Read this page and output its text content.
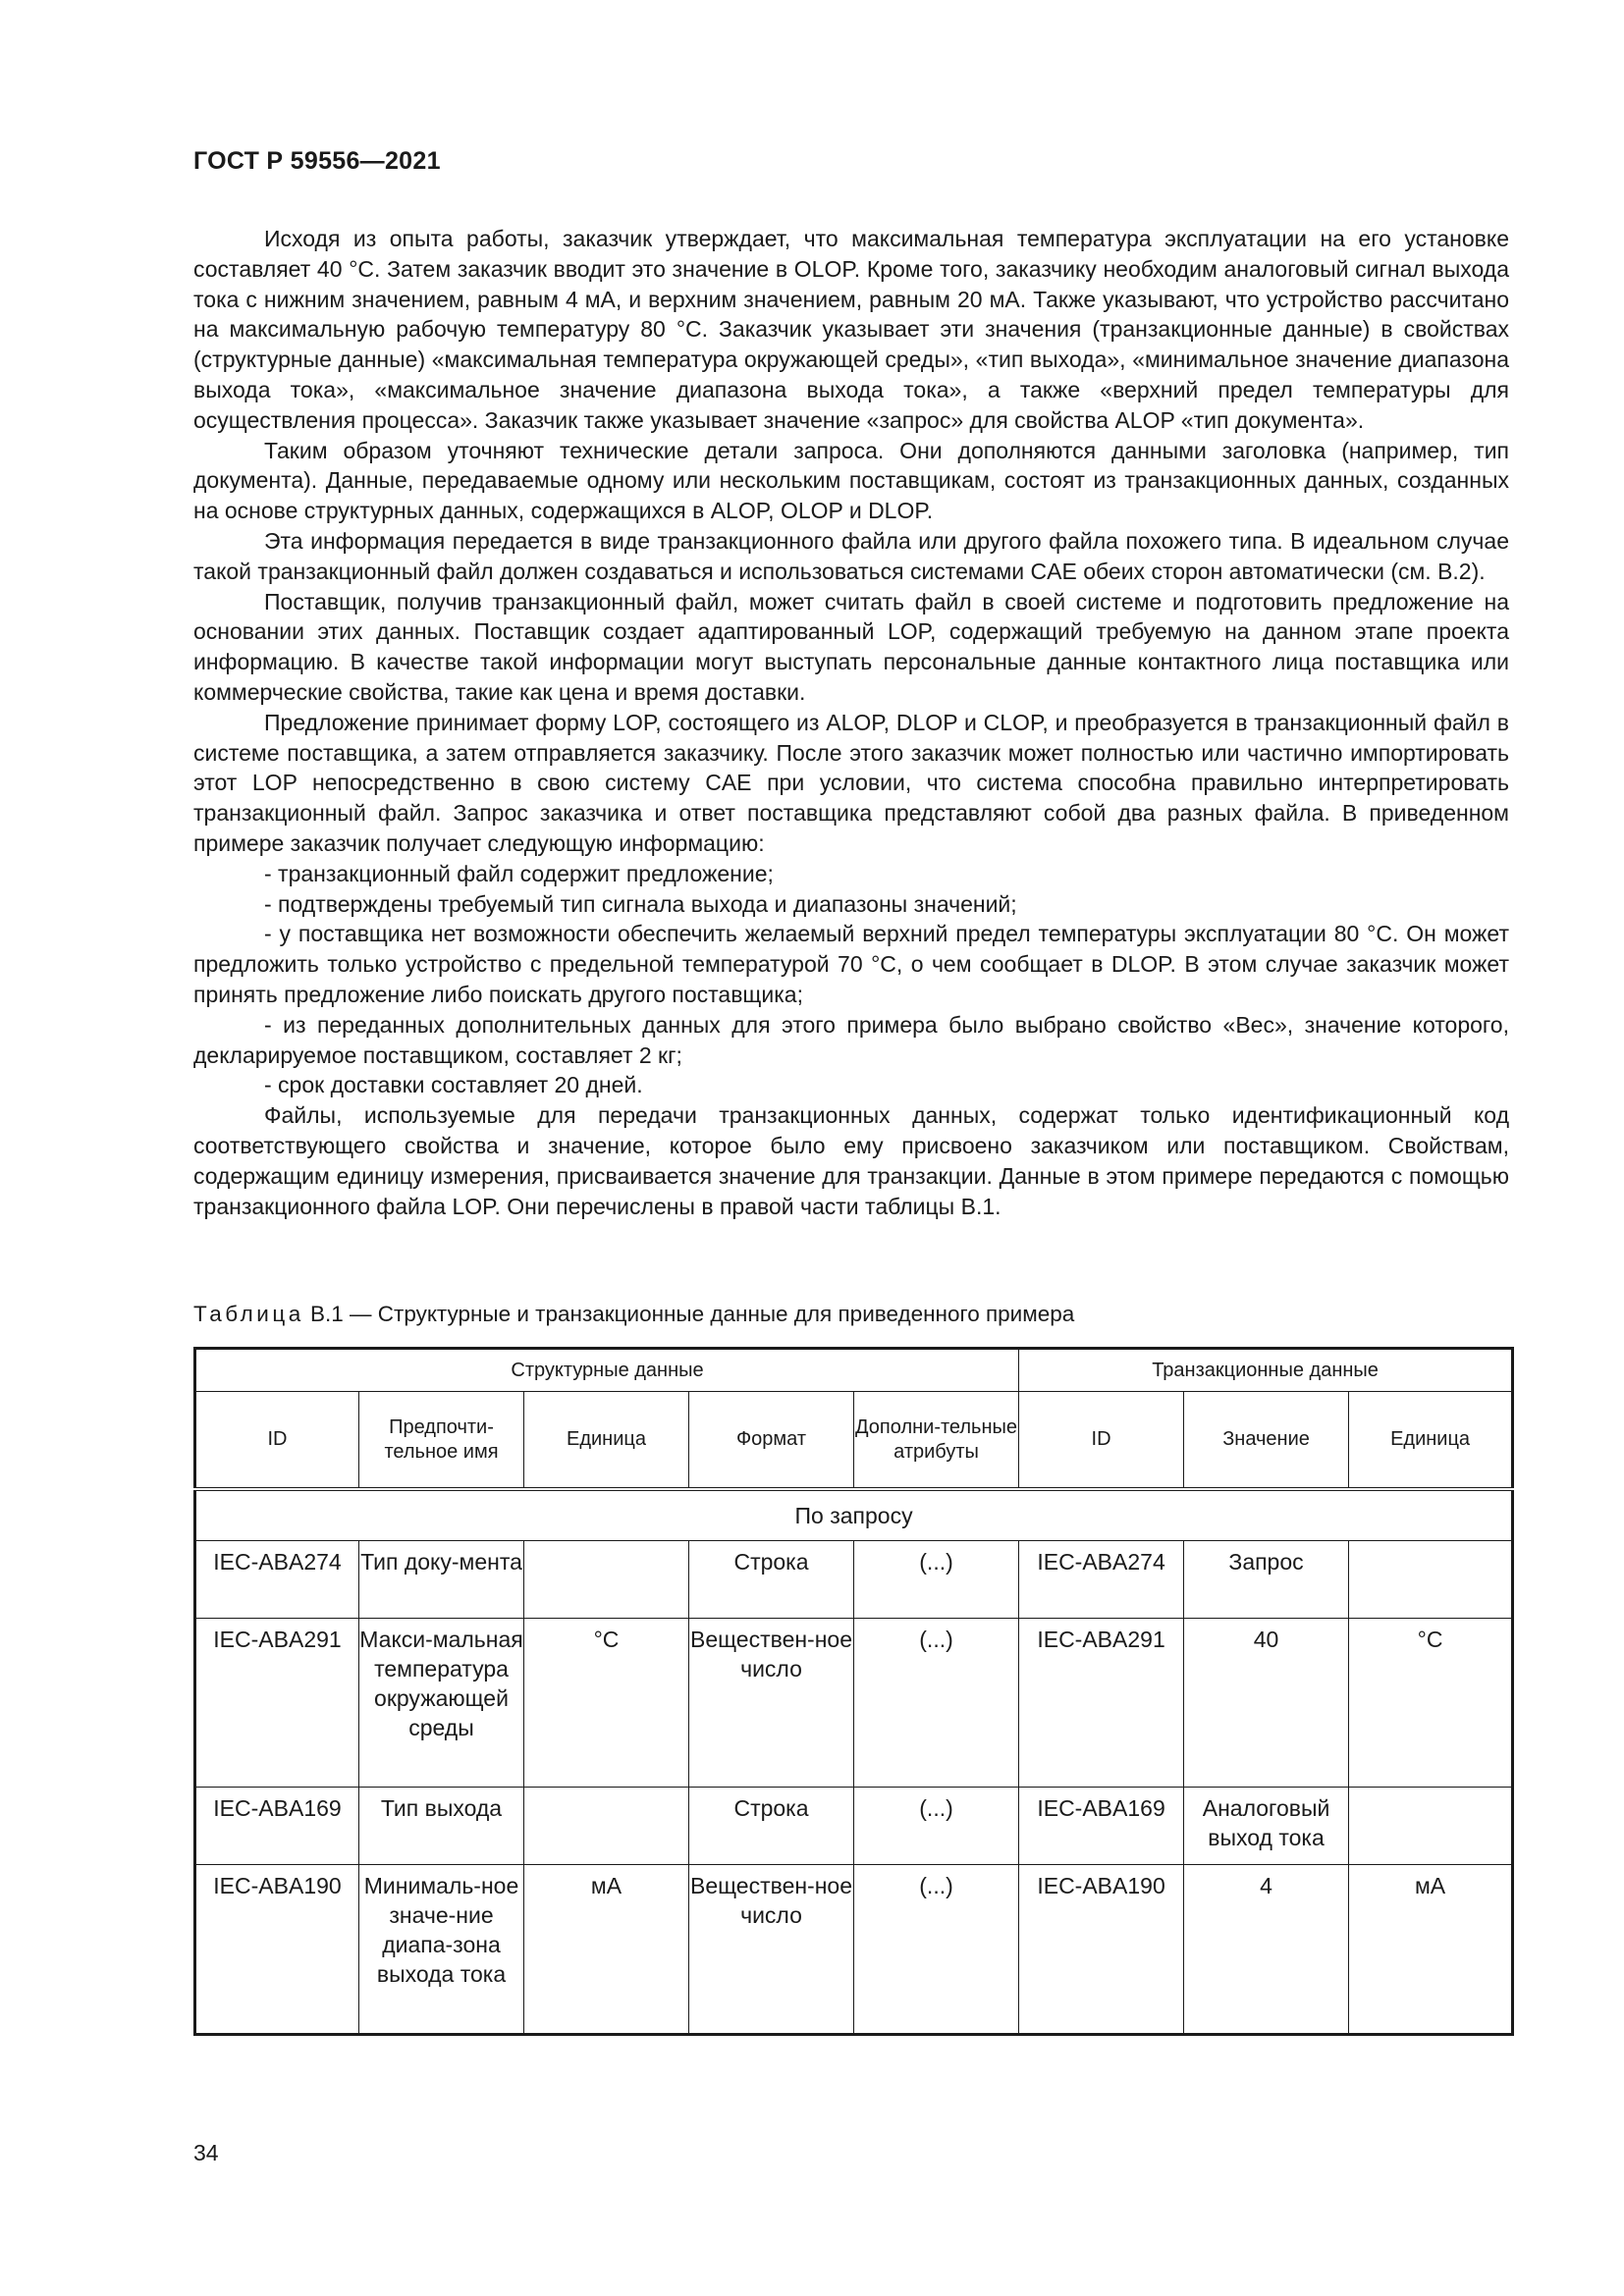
ГОСТ Р 59556—2021

Исходя из опыта работы, заказчик утверждает, что максимальная температура эксплуатации на его установке составляет 40 °С. Затем заказчик вводит это значение в OLOP. Кроме того, заказчику необходим аналоговый сигнал выхода тока с нижним значением, равным 4 мА, и верхним значением, равным 20 мА. Также указывают, что устройство рассчитано на максимальную рабочую температуру 80 °С. Заказчик указывает эти значения (транзакционные данные) в свойствах (структурные данные) «максимальная температура окружающей среды», «тип выхода», «минимальное значение диапазона выхода тока», «максимальное значение диапазона выхода тока», а также «верхний предел температуры для осуществления процесса». Заказчик также указывает значение «запрос» для свойства ALOP «тип документа».

Таким образом уточняют технические детали запроса. Они дополняются данными заголовка (например, тип документа). Данные, передаваемые одному или нескольким поставщикам, состоят из транзакционных данных, созданных на основе структурных данных, содержащихся в ALOP, OLOP и DLOP.

Эта информация передается в виде транзакционного файла или другого файла похожего типа. В идеальном случае такой транзакционный файл должен создаваться и использоваться системами CAE обеих сторон автоматически (см. В.2).

Поставщик, получив транзакционный файл, может считать файл в своей системе и подготовить предложение на основании этих данных. Поставщик создает адаптированный LOP, содержащий требуемую на данном этапе проекта информацию. В качестве такой информации могут выступать персональные данные контактного лица поставщика или коммерческие свойства, такие как цена и время доставки.

Предложение принимает форму LOP, состоящего из ALOP, DLOP и CLOP, и преобразуется в транзакционный файл в системе поставщика, а затем отправляется заказчику. После этого заказчик может полностью или частично импортировать этот LOP непосредственно в свою систему CAE при условии, что система способна правильно интерпретировать транзакционный файл. Запрос заказчика и ответ поставщика представляют собой два разных файла. В приведенном примере заказчик получает следующую информацию:

- транзакционный файл содержит предложение;

- подтверждены требуемый тип сигнала выхода и диапазоны значений;

- у поставщика нет возможности обеспечить желаемый верхний предел температуры эксплуатации 80 °С. Он может предложить только устройство с предельной температурой 70 °С, о чем сообщает в DLOP. В этом случае заказчик может принять предложение либо поискать другого поставщика;

- из переданных дополнительных данных для этого примера было выбрано свойство «Вес», значение которого, декларируемое поставщиком, составляет 2 кг;

- срок доставки составляет 20 дней.

Файлы, используемые для передачи транзакционных данных, содержат только идентификационный код соответствующего свойства и значение, которое было ему присвоено заказчиком или поставщиком. Свойствам, содержащим единицу измерения, присваивается значение для транзакции. Данные в этом примере передаются с помощью транзакционного файла LOP. Они перечислены в правой части таблицы В.1.

Таблица В.1 — Структурные и транзакционные данные для приведенного примера
Структурные данные					Транзакционные данные		
ID	Предпочти-тельное имя	Единица	Формат	Дополни-тельные атрибуты	ID	Значение	Единица
По запросу							
IEC-ABA274	Тип доку-мента		Строка	(...)	IEC-ABA274	Запрос	
IEC-ABA291	Макси-мальная температура окружающей среды	°С	Веществен-ное число	(...)	IEC-ABA291	40	°С
IEC-ABA169	Тип выхода		Строка	(...)	IEC-ABA169	Аналоговый выход тока	
IEC-ABA190	Минималь-ное значе-ние диапа-зона выхода тока	мА	Веществен-ное число	(...)	IEC-ABA190	4	мА
34
